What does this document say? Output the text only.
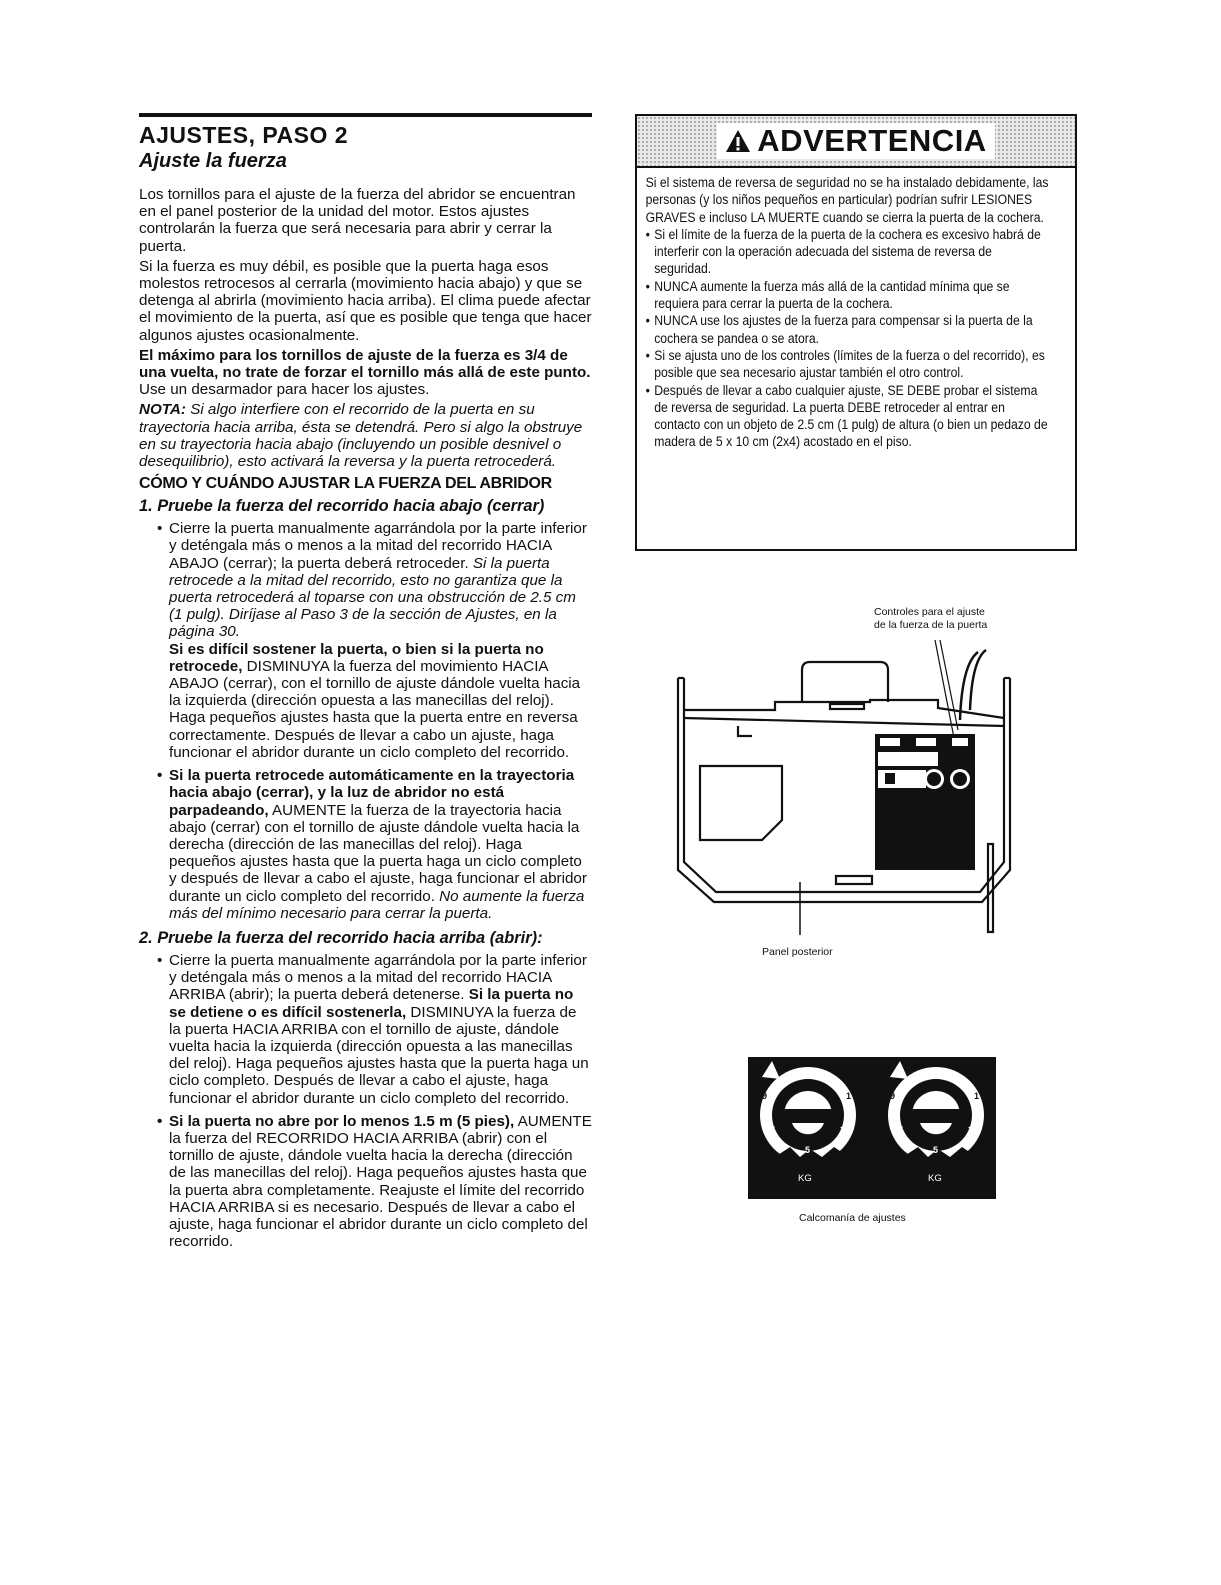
AJUSTES, PASO 2
Ajuste la fuerza

Los tornillos para el ajuste de la fuerza del abridor se encuentran en el panel posterior de la unidad del motor. Estos ajustes controlarán la fuerza que será necesaria para abrir y cerrar la puerta.

Si la fuerza es muy débil, es posible que la puerta haga esos molestos retrocesos al cerrarla (movimiento hacia abajo) y que se detenga al abrirla (movimiento hacia arriba). El clima puede afectar el movimiento de la puerta, así que es posible que tenga que hacer algunos ajustes ocasionalmente.

El máximo para los tornillos de ajuste de la fuerza es 3/4 de una vuelta, no trate de forzar el tornillo más allá de este punto. Use un desarmador para hacer los ajustes.

NOTA: Si algo interfiere con el recorrido de la puerta en su trayectoria hacia arriba, ésta se detendrá. Pero si algo la obstruye en su trayectoria hacia abajo (incluyendo un posible desnivel o desequilibrio), esto activará la reversa y la puerta retrocederá.

CÓMO Y CUÁNDO AJUSTAR LA FUERZA DEL ABRIDOR
1. Pruebe la fuerza del recorrido hacia abajo (cerrar)
• Cierre la puerta manualmente agarrándola por la parte inferior y deténgala más o menos a la mitad del recorrido HACIA ABAJO (cerrar); la puerta deberá retroceder. Si la puerta retrocede a la mitad del recorrido, esto no garantiza que la puerta retrocederá al toparse con una obstrucción de 2.5 cm (1 pulg). Diríjase al Paso 3 de la sección de Ajustes, en la página 30.
Si es difícil sostener la puerta, o bien si la puerta no retrocede, DISMINUYA la fuerza del movimiento HACIA ABAJO (cerrar), con el tornillo de ajuste dándole vuelta hacia la izquierda (dirección opuesta a las manecillas del reloj). Haga pequeños ajustes hasta que la puerta entre en reversa correctamente. Después de llevar a cabo un ajuste, haga funcionar el abridor durante un ciclo completo del recorrido.
• Si la puerta retrocede automáticamente en la trayectoria hacia abajo (cerrar), y la luz de abridor no está parpadeando, AUMENTE la fuerza de la trayectoria hacia abajo (cerrar) con el tornillo de ajuste dándole vuelta hacia la derecha (dirección de las manecillas del reloj). Haga pequeños ajustes hasta que la puerta haga un ciclo completo y después de llevar a cabo el ajuste, haga funcionar el abridor durante un ciclo completo del recorrido. No aumente la fuerza más del mínimo necesario para cerrar la puerta.
2. Pruebe la fuerza del recorrido hacia arriba (abrir):
• Cierre la puerta manualmente agarrándola por la parte inferior y deténgala más o menos a la mitad del recorrido HACIA ARRIBA (abrir); la puerta deberá detenerse. Si la puerta no se detiene o es difícil sostenerla, DISMINUYA la fuerza de la puerta HACIA ARRIBA con el tornillo de ajuste, dándole vuelta hacia la izquierda (dirección opuesta a las manecillas del reloj). Haga pequeños ajustes hasta que la puerta haga un ciclo completo. Después de llevar a cabo el ajuste, haga funcionar el abridor durante un ciclo completo del recorrido.
• Si la puerta no abre por lo menos 1.5 m (5 pies), AUMENTE la fuerza del RECORRIDO HACIA ARRIBA (abrir) con el tornillo de ajuste, dándole vuelta hacia la derecha (dirección de las manecillas del reloj). Haga pequeños ajustes hasta que la puerta abra completamente. Reajuste el límite del recorrido HACIA ARRIBA si es necesario. Después de llevar a cabo el ajuste, haga funcionar el abridor durante un ciclo completo del recorrido.
ADVERTENCIA

Si el sistema de reversa de seguridad no se ha instalado debidamente, las personas (y los niños pequeños en particular) podrían sufrir LESIONES GRAVES e incluso LA MUERTE cuando se cierra la puerta de la cochera.

• Si el límite de la fuerza de la puerta de la cochera es excesivo habrá de interferir con la operación adecuada del sistema de reversa de seguridad.
• NUNCA aumente la fuerza más allá de la cantidad mínima que se requiera para cerrar la puerta de la cochera.
• NUNCA use los ajustes de la fuerza para compensar si la puerta de la cochera se pandea o se atora.
• Si se ajusta uno de los controles (límites de la fuerza o del recorrido), es posible que sea necesario ajustar también el otro control.
• Después de llevar a cabo cualquier ajuste, SE DEBE probar el sistema de reversa de seguridad. La puerta DEBE retroceder al entrar en contacto con un objeto de 2.5 cm (1 pulg) de altura (o bien un pedazo de madera de 5 x 10 cm (2x4) acostado en el piso.
Controles para el ajuste
de la fuerza de la puerta
Panel posterior
9	1	9	1
7	3
5
7	3
5
KG	KG
Calcomanía de ajustes
